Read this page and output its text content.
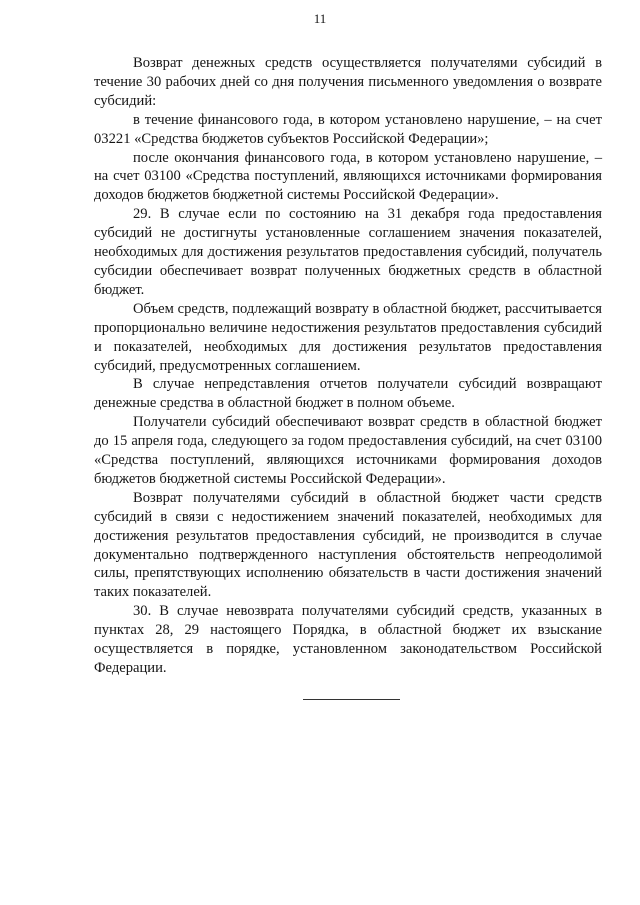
11

Возврат денежных средств осуществляется получателями субсидий в течение 30 рабочих дней со дня получения письменного уведомления о возврате субсидий:

в течение финансового года, в котором установлено нарушение, – на счет 03221 «Средства бюджетов субъектов Российской Федерации»;

после окончания финансового года, в котором установлено нарушение, – на счет 03100 «Средства поступлений, являющихся источниками формирования доходов бюджетов бюджетной системы Российской Федерации».

29. В случае если по состоянию на 31 декабря года предоставления субсидий не достигнуты установленные соглашением значения показателей, необходимых для достижения результатов предоставления субсидий, получатель субсидии обеспечивает возврат полученных бюджетных средств в областной бюджет.

Объем средств, подлежащий возврату в областной бюджет, рассчитывается пропорционально величине недостижения результатов предоставления субсидий и показателей, необходимых для достижения результатов предоставления субсидий, предусмотренных соглашением.

В случае непредставления отчетов получатели субсидий возвращают денежные средства в областной бюджет в полном объеме.

Получатели субсидий обеспечивают возврат средств в областной бюджет до 15 апреля года, следующего за годом предоставления субсидий, на счет 03100 «Средства поступлений, являющихся источниками формирования доходов бюджетов бюджетной системы Российской Федерации».

Возврат получателями субсидий в областной бюджет части средств субсидий в связи с недостижением значений показателей, необходимых для достижения результатов предоставления субсидий, не производится в случае документально подтвержденного наступления обстоятельств непреодолимой силы, препятствующих исполнению обязательств в части достижения значений таких показателей.

30. В случае невозврата получателями субсидий средств, указанных в пунктах 28, 29 настоящего Порядка, в областной бюджет их взыскание осуществляется в порядке, установленном законодательством Российской Федерации.
